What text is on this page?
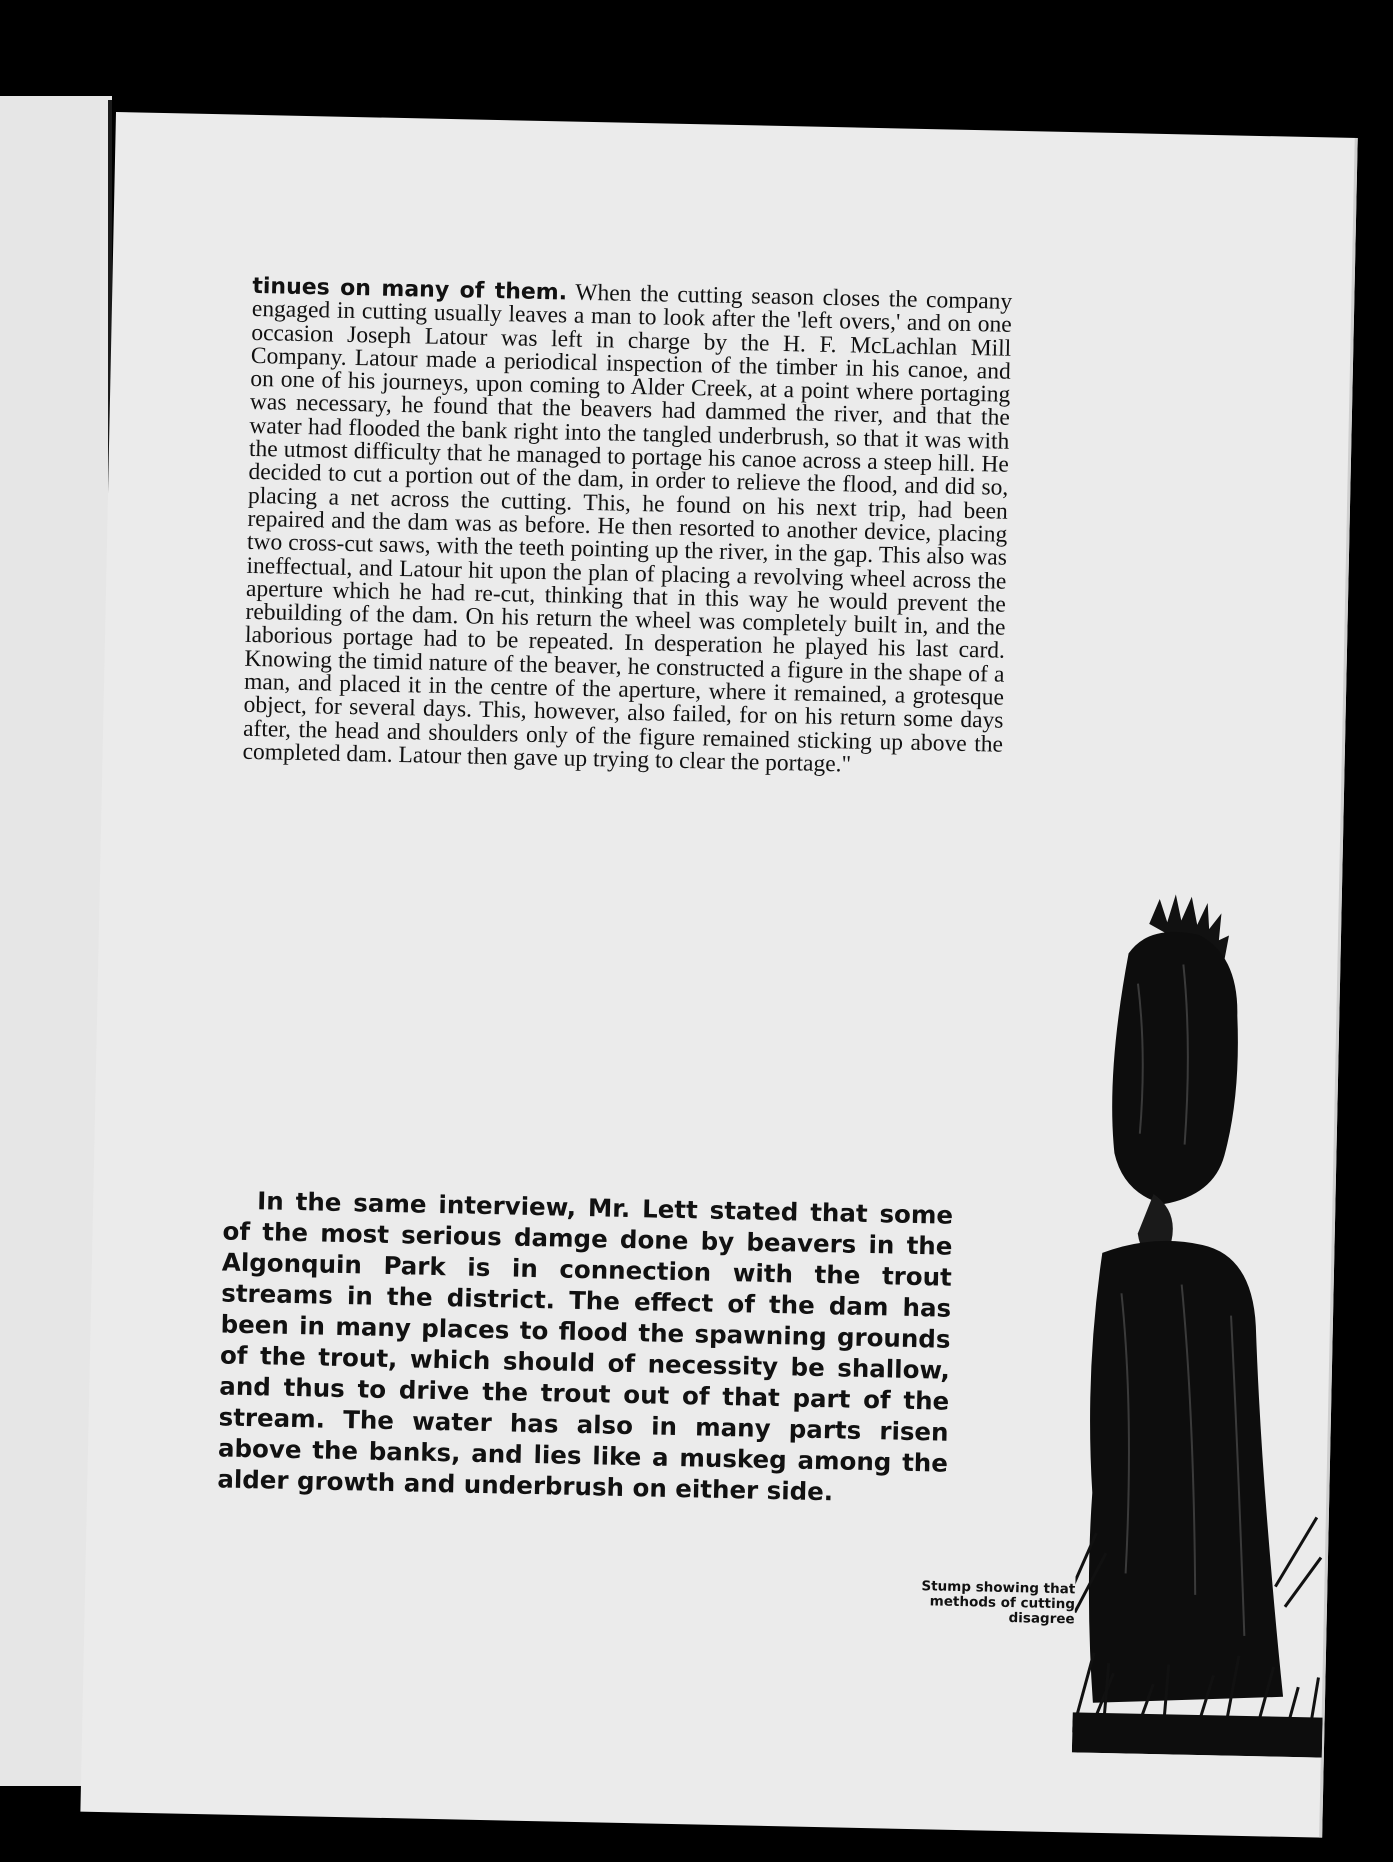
tinues on many of them. When the cutting season closes the company engaged in cutting usually leaves a man to look after the 'left overs,' and on one occasion Joseph Latour was left in charge by the H. F. McLachlan Mill Company. Latour made a periodical inspection of the timber in his canoe, and on one of his journeys, upon coming to Alder Creek, at a point where portaging was necessary, he found that the beavers had dammed the river, and that the water had flooded the bank right into the tangled underbrush, so that it was with the utmost difficulty that he managed to portage his canoe across a steep hill. He decided to cut a portion out of the dam, in order to relieve the flood, and did so, placing a net across the cutting. This, he found on his next trip, had been repaired and the dam was as before. He then resorted to another device, placing two cross-cut saws, with the teeth pointing up the river, in the gap. This also was ineffectual, and Latour hit upon the plan of placing a revolving wheel across the aperture which he had re-cut, thinking that in this way he would prevent the rebuilding of the dam. On his return the wheel was completely built in, and the laborious portage had to be repeated. In desperation he played his last card. Knowing the timid nature of the beaver, he constructed a figure in the shape of a man, and placed it in the centre of the aperture, where it remained, a grotesque object, for several days. This, however, also failed, for on his return some days after, the head and shoulders only of the figure remained sticking up above the completed dam. Latour then gave up trying to clear the portage."
In the same interview, Mr. Lett stated that some of the most serious damge done by beavers in the Algonquin Park is in connection with the trout streams in the district. The effect of the dam has been in many places to flood the spawning grounds of the trout, which should of necessity be shallow, and thus to drive the trout out of that part of the stream. The water has also in many parts risen above the banks, and lies like a muskeg among the alder growth and underbrush on either side.
Stump showing that methods of cutting disagree
